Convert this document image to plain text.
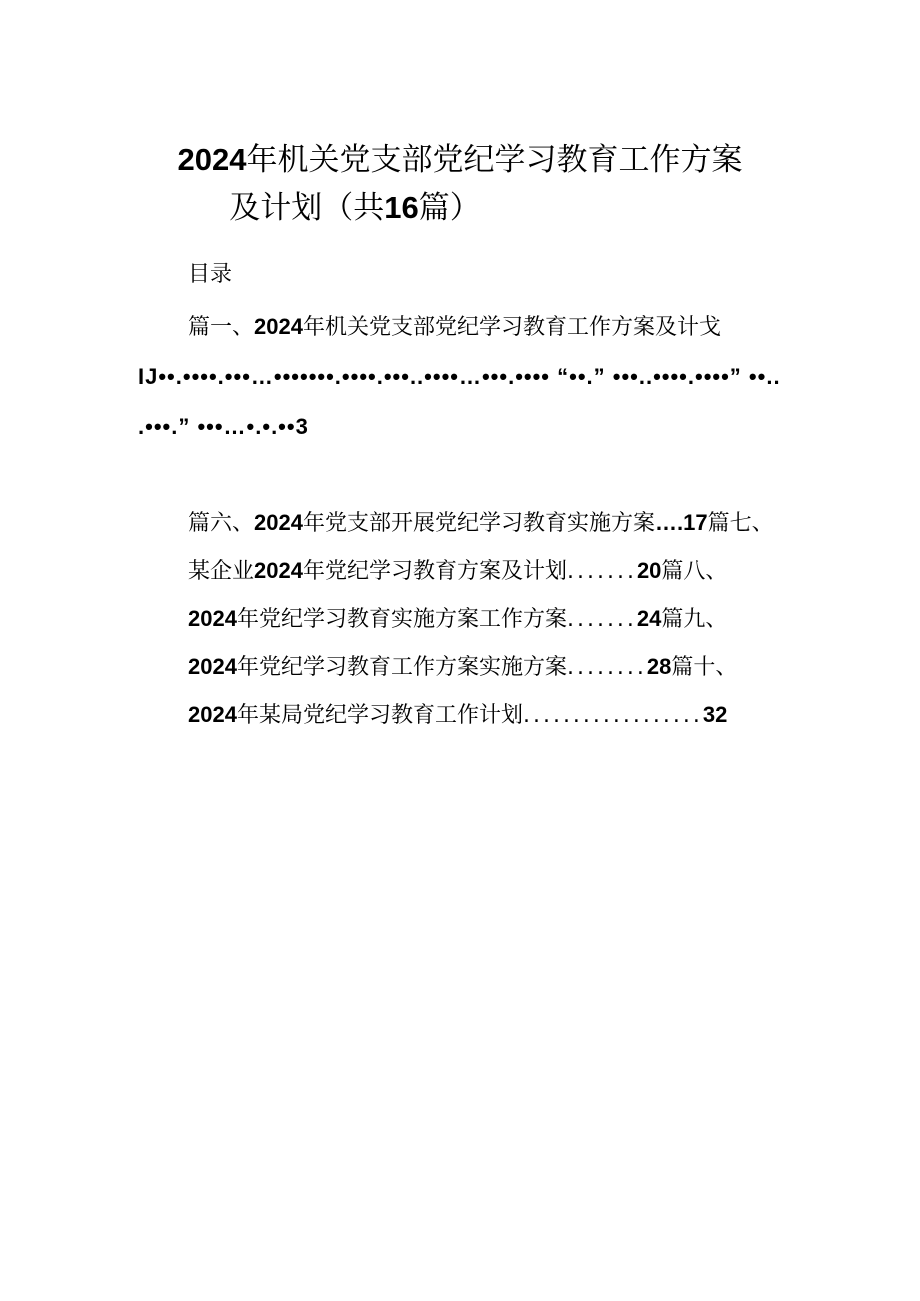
2024年机关党支部党纪学习教育工作方案
及计划（共16篇）
目录
篇一、2024年机关党支部党纪学习教育工作方案及计戈
IJ••.••••.•••…•••••••.••••.•••..••••…•••.•••• “••.” •••..••••.••••” ••..
.•••.” •••…•.•.••3
篇六、2024年党支部开展党纪学习教育实施方案….17篇七、
某企业2024年党纪学习教育方案及计划.......20篇八、
2024年党纪学习教育实施方案工作方案.......24篇九、
2024年党纪学习教育工作方案实施方案........28篇十、
2024年某局党纪学习教育工作计划..................32
